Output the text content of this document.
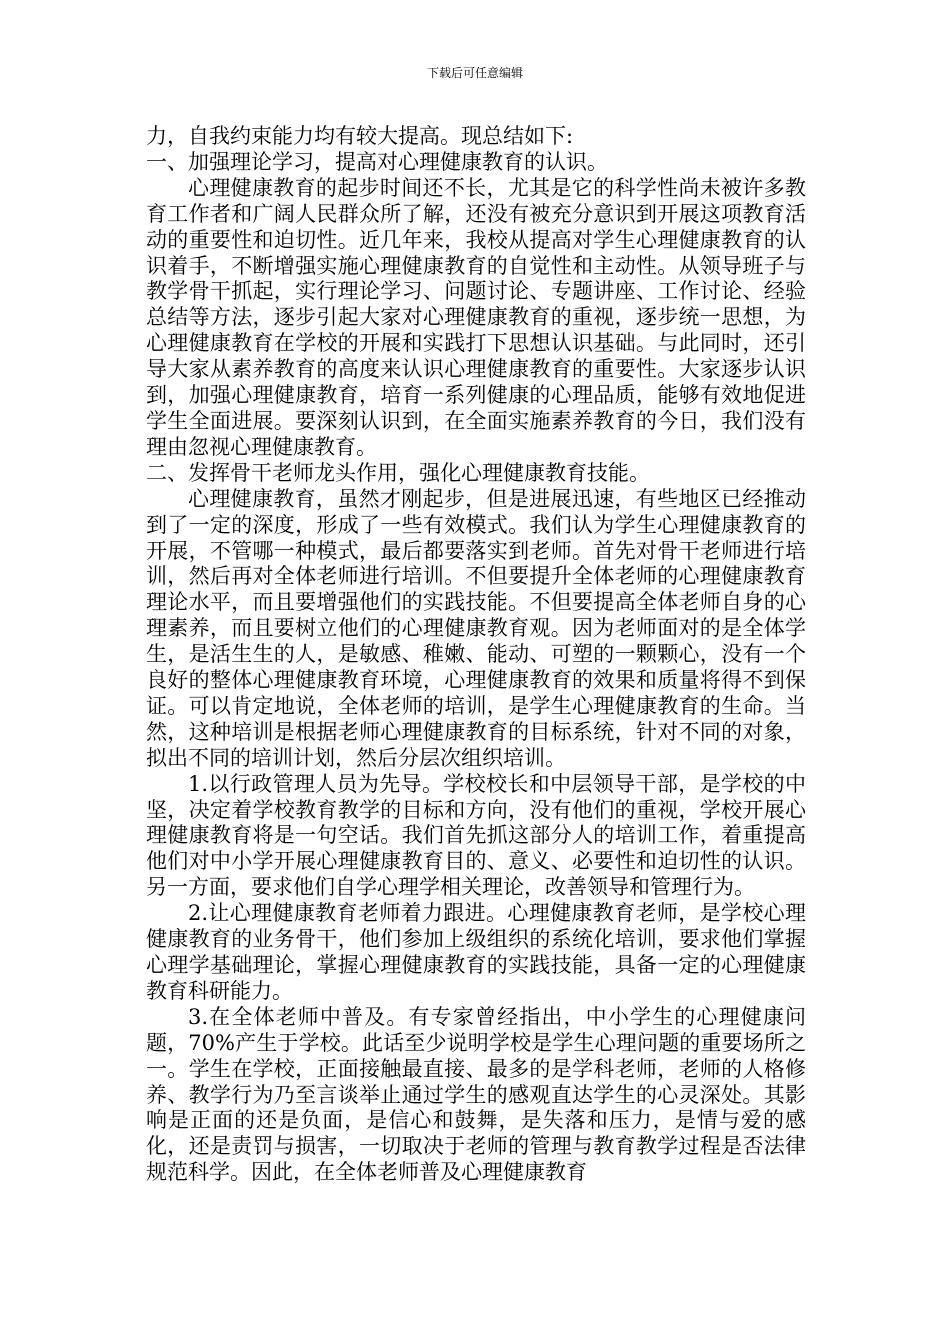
下载后可任意编辑

力，自我约束能力均有较大提高。现总结如下:

一、加强理论学习，提高对心理健康教育的认识。

心理健康教育的起步时间还不长，尤其是它的科学性尚未被许多教育工作者和广阔人民群众所了解，还没有被充分意识到开展这项教育活动的重要性和迫切性。近几年来，我校从提高对学生心理健康教育的认识着手，不断增强实施心理健康教育的自觉性和主动性。从领导班子与教学骨干抓起，实行理论学习、问题讨论、专题讲座、工作讨论、经验总结等方法，逐步引起大家对心理健康教育的重视，逐步统一思想，为心理健康教育在学校的开展和实践打下思想认识基础。与此同时，还引导大家从素养教育的高度来认识心理健康教育的重要性。大家逐步认识到，加强心理健康教育，培育一系列健康的心理品质，能够有效地促进学生全面进展。要深刻认识到，在全面实施素养教育的今日，我们没有理由忽视心理健康教育。

二、发挥骨干老师龙头作用，强化心理健康教育技能。

心理健康教育，虽然才刚起步，但是进展迅速，有些地区已经推动到了一定的深度，形成了一些有效模式。我们认为学生心理健康教育的开展，不管哪一种模式，最后都要落实到老师。首先对骨干老师进行培训，然后再对全体老师进行培训。不但要提升全体老师的心理健康教育理论水平，而且要增强他们的实践技能。不但要提高全体老师自身的心理素养，而且要树立他们的心理健康教育观。因为老师面对的是全体学生，是活生生的人，是敏感、稚嫩、能动、可塑的一颗颗心，没有一个良好的整体心理健康教育环境，心理健康教育的效果和质量将得不到保证。可以肯定地说，全体老师的培训，是学生心理健康教育的生命。当然，这种培训是根据老师心理健康教育的目标系统，针对不同的对象，拟出不同的培训计划，然后分层次组织培训。

1.以行政管理人员为先导。学校校长和中层领导干部，是学校的中坚，决定着学校教育教学的目标和方向，没有他们的重视，学校开展心理健康教育将是一句空话。我们首先抓这部分人的培训工作，着重提高他们对中小学开展心理健康教育目的、意义、必要性和迫切性的认识。另一方面，要求他们自学心理学相关理论，改善领导和管理行为。

2.让心理健康教育老师着力跟进。心理健康教育老师，是学校心理健康教育的业务骨干，他们参加上级组织的系统化培训，要求他们掌握心理学基础理论，掌握心理健康教育的实践技能，具备一定的心理健康教育科研能力。

3.在全体老师中普及。有专家曾经指出，中小学生的心理健康问题，70%产生于学校。此话至少说明学校是学生心理问题的重要场所之一。学生在学校，正面接触最直接、最多的是学科老师，老师的人格修养、教学行为乃至言谈举止通过学生的感观直达学生的心灵深处。其影响是正面的还是负面，是信心和鼓舞，是失落和压力，是情与爱的感化，还是责罚与损害，一切取决于老师的管理与教育教学过程是否法律规范科学。因此，在全体老师普及心理健康教育
